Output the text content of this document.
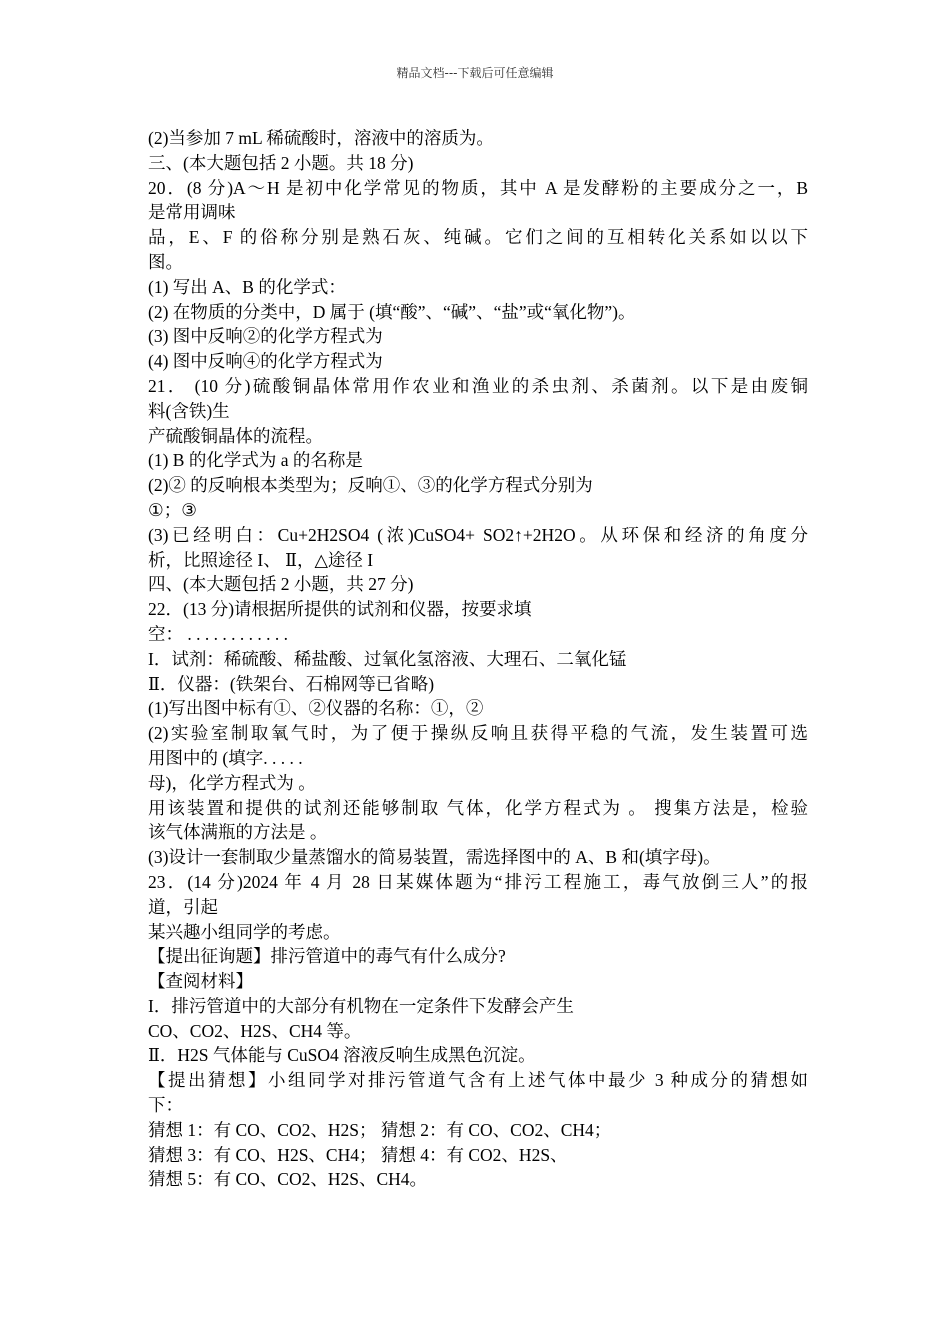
精品文档---下载后可任意编辑
(2)当参加 7 mL 稀硫酸时，溶液中的溶质为。
三、(本大题包括 2 小题。共 18 分)
20．(8 分)A～H 是初中化学常见的物质，其中 A 是发酵粉的主要成分之一，B
是常用调味
品，E、F 的俗称分别是熟石灰、纯碱。它们之间的互相转化关系如以以下
图。
(1) 写出 A、B 的化学式：
(2) 在物质的分类中，D 属于 (填“酸”、“碱”、“盐”或“氧化物”)。
(3) 图中反响②的化学方程式为
(4) 图中反响④的化学方程式为
21． (10 分)硫酸铜晶体常用作农业和渔业的杀虫剂、杀菌剂。以下是由废铜
料(含铁)生
产硫酸铜晶体的流程。
(1) B 的化学式为 a 的名称是
(2)② 的反响根本类型为；反响①、③的化学方程式分别为
①；③
(3)已经明白：Cu+2H2SO4 (浓)CuSO4+ SO2↑+2H2O。从环保和经济的角度分
析，比照途径 I、 Ⅱ，△途径 I
四、(本大题包括 2 小题，共 27 分)
22．(13 分)请根据所提供的试剂和仪器，按要求填
空： . . . . . . . . . . . .
I．试剂：稀硫酸、稀盐酸、过氧化氢溶液、大理石、二氧化锰
Ⅱ．仪器：(铁架台、石棉网等已省略)
(1)写出图中标有①、②仪器的名称：①，②
(2)实验室制取氧气时，为了便于操纵反响且获得平稳的气流，发生装置可选
用图中的 (填字. . . . .
母)，化学方程式为 。
用该装置和提供的试剂还能够制取 气体，化学方程式为 。 搜集方法是，检验
该气体满瓶的方法是 。
(3)设计一套制取少量蒸馏水的简易装置，需选择图中的 A、B 和(填字母)。
23．(14 分)2024 年 4 月 28 日某媒体题为“排污工程施工，毒气放倒三人”的报
道，引起
某兴趣小组同学的考虑。
【提出征询题】排污管道中的毒气有什么成分?
【查阅材料】
I．排污管道中的大部分有机物在一定条件下发酵会产生
CO、CO2、H2S、CH4 等。
Ⅱ．H2S 气体能与 CuSO4 溶液反响生成黑色沉淀。
【提出猜想】小组同学对排污管道气含有上述气体中最少 3 种成分的猜想如
下：
猜想 1：有 CO、CO2、H2S； 猜想 2：有 CO、CO2、CH4；
猜想 3：有 CO、H2S、CH4； 猜想 4：有 CO2、H2S、
猜想 5：有 CO、CO2、H2S、CH4。
